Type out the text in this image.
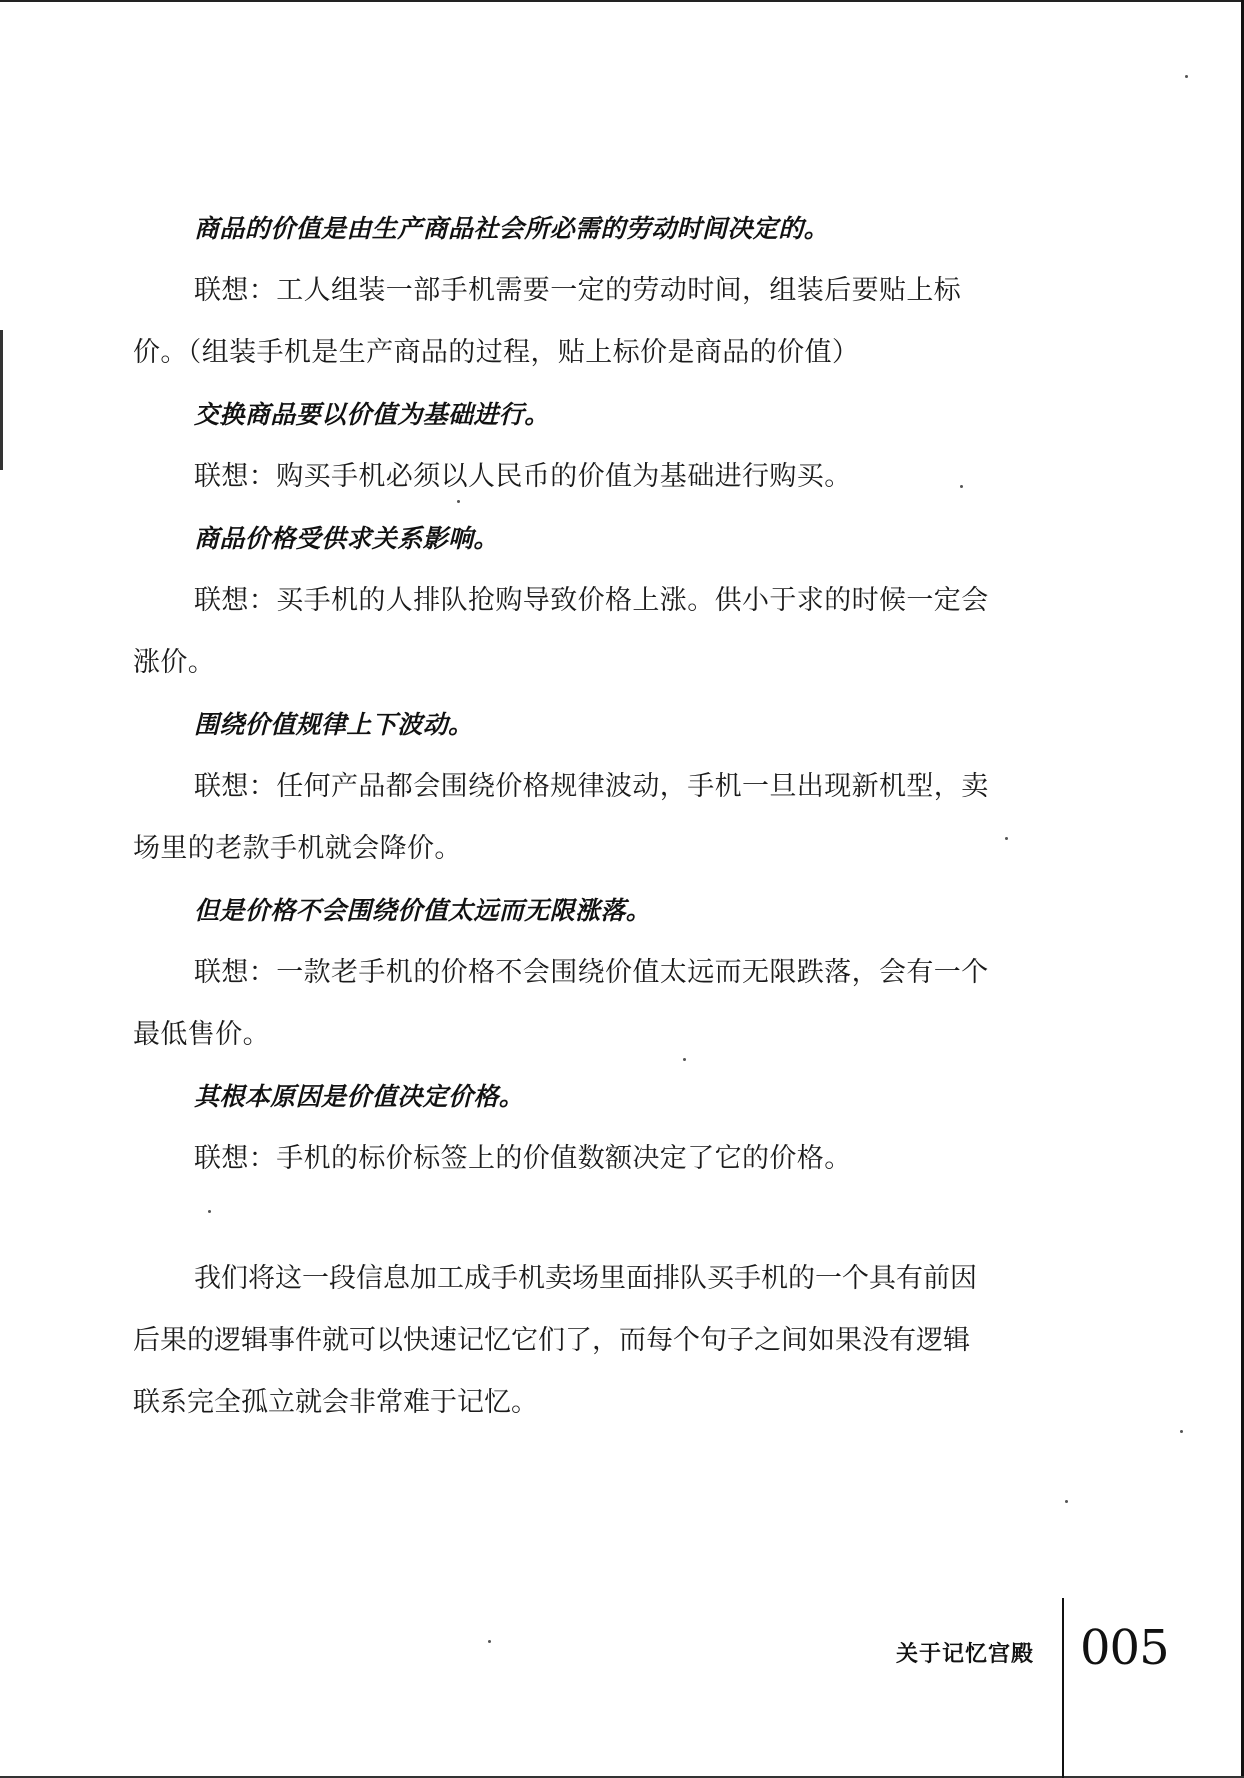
商品的价值是由生产商品社会所必需的劳动时间决定的。
联想：工人组装一部手机需要一定的劳动时间，组装后要贴上标
价。（组装手机是生产商品的过程，贴上标价是商品的价值）
交换商品要以价值为基础进行。
联想：购买手机必须以人民币的价值为基础进行购买。
商品价格受供求关系影响。
联想：买手机的人排队抢购导致价格上涨。供小于求的时候一定会
涨价。
围绕价值规律上下波动。
联想：任何产品都会围绕价格规律波动，手机一旦出现新机型，卖
场里的老款手机就会降价。
但是价格不会围绕价值太远而无限涨落。
联想：一款老手机的价格不会围绕价值太远而无限跌落，会有一个
最低售价。
其根本原因是价值决定价格。
联想：手机的标价标签上的价值数额决定了它的价格。
我们将这一段信息加工成手机卖场里面排队买手机的一个具有前因
后果的逻辑事件就可以快速记忆它们了，而每个句子之间如果没有逻辑
联系完全孤立就会非常难于记忆。
关于记忆宫殿 005
